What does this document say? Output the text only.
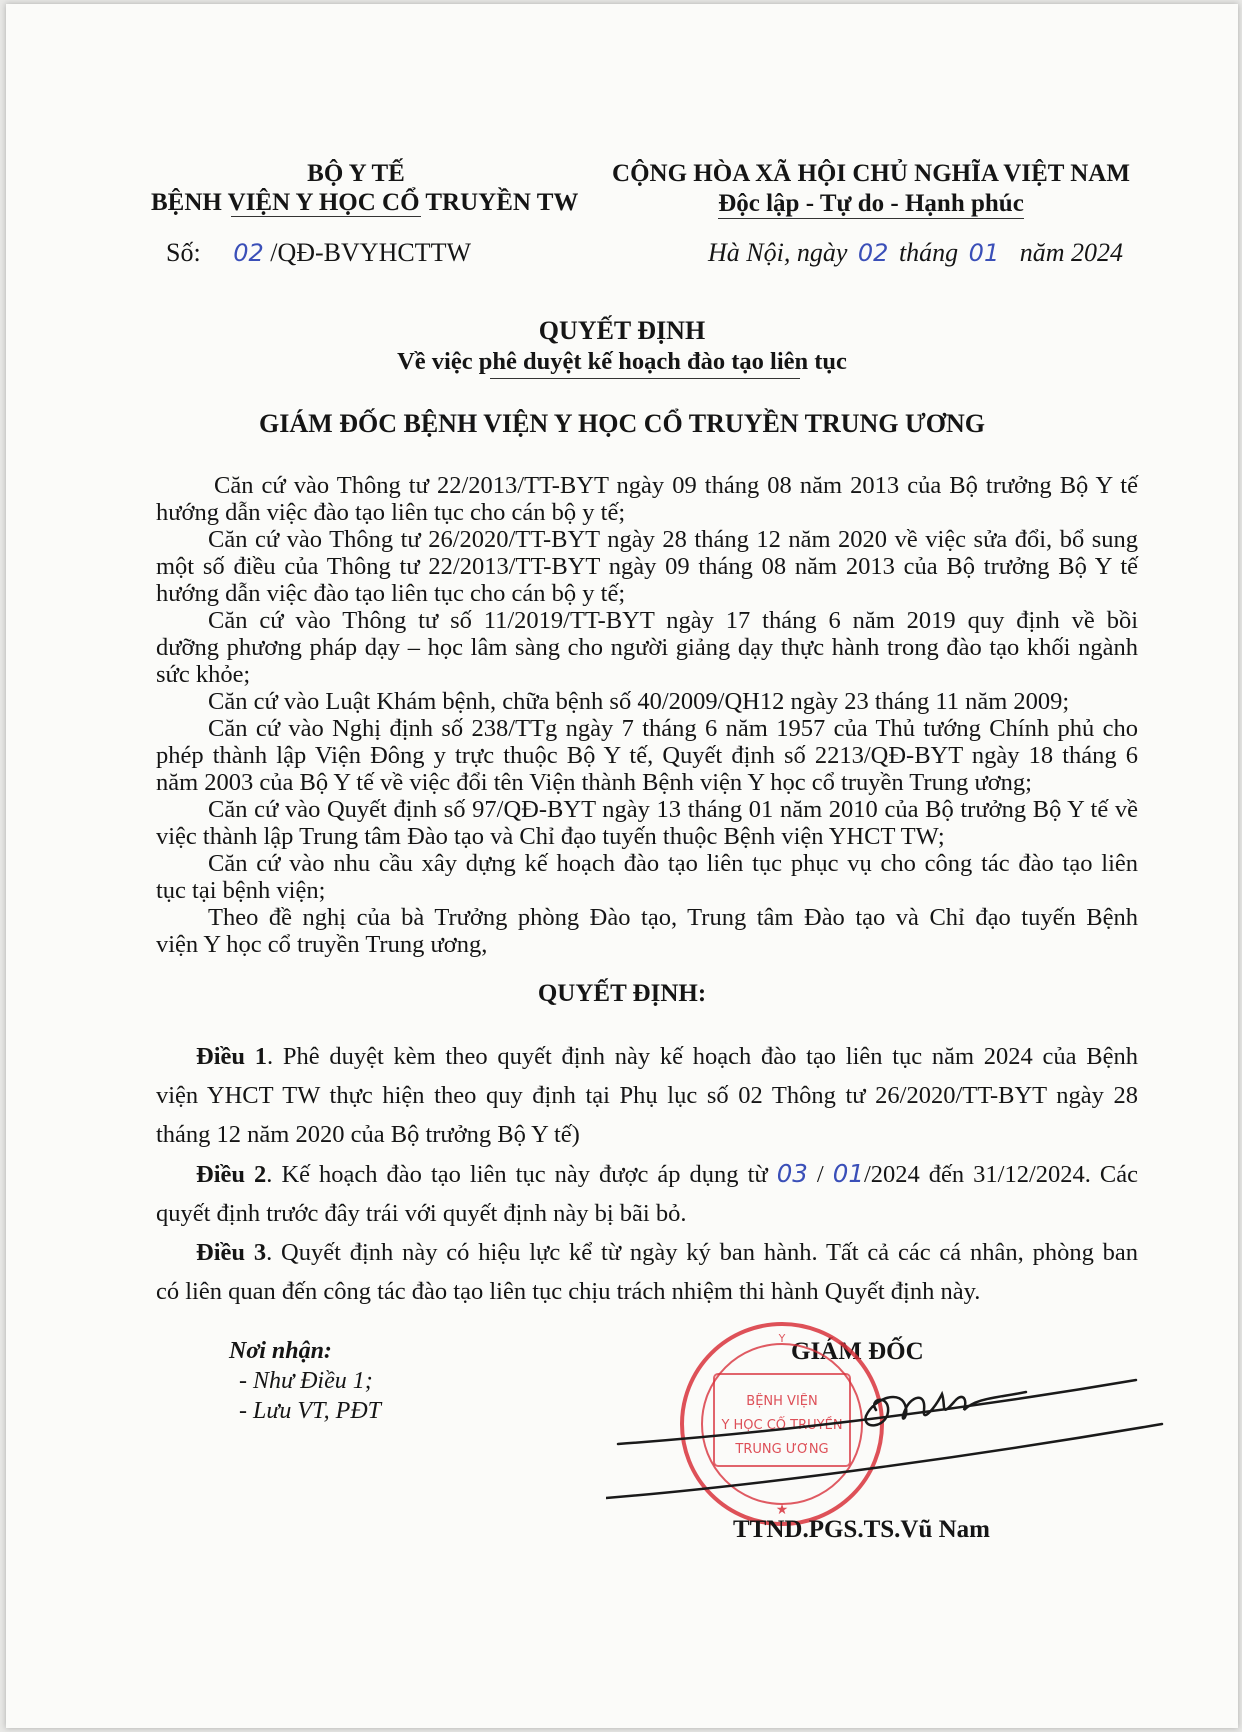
BỘ Y TẾ
BỆNH VIỆN Y HỌC CỔ TRUYỀN TW
Số: 02 /QĐ-BVYHCTTW
CỘNG HÒA XÃ HỘI CHỦ NGHĨA VIỆT NAM
Độc lập - Tự do - Hạnh phúc
Hà Nội, ngày 02 tháng 01 năm 2024
QUYẾT ĐỊNH
Về việc phê duyệt kế hoạch đào tạo liên tục
GIÁM ĐỐC BỆNH VIỆN Y HỌC CỔ TRUYỀN TRUNG ƯƠNG
Căn cứ vào Thông tư 22/2013/TT-BYT ngày 09 tháng 08 năm 2013 của Bộ trưởng Bộ Y tế
hướng dẫn việc đào tạo liên tục cho cán bộ y tế;
Căn cứ vào Thông tư 26/2020/TT-BYT ngày 28 tháng 12 năm 2020 về việc sửa đổi, bổ sung
một số điều của Thông tư 22/2013/TT-BYT ngày 09 tháng 08 năm 2013 của Bộ trưởng Bộ Y tế
hướng dẫn việc đào tạo liên tục cho cán bộ y tế;
Căn cứ vào Thông tư số 11/2019/TT-BYT ngày 17 tháng 6 năm 2019 quy định về bồi
dưỡng phương pháp dạy – học lâm sàng cho người giảng dạy thực hành trong đào tạo khối ngành
sức khỏe;
Căn cứ vào Luật Khám bệnh, chữa bệnh số 40/2009/QH12 ngày 23 tháng 11 năm 2009;
Căn cứ vào Nghị định số 238/TTg ngày 7 tháng 6 năm 1957 của Thủ tướng Chính phủ cho
phép thành lập Viện Đông y trực thuộc Bộ Y tế, Quyết định số 2213/QĐ-BYT ngày 18 tháng 6
năm 2003 của Bộ Y tế về việc đổi tên Viện thành Bệnh viện Y học cổ truyền Trung ương;
Căn cứ vào Quyết định số 97/QĐ-BYT ngày 13 tháng 01 năm 2010 của Bộ trưởng Bộ Y tế về
việc thành lập Trung tâm Đào tạo và Chỉ đạo tuyến thuộc Bệnh viện YHCT TW;
Căn cứ vào nhu cầu xây dựng kế hoạch đào tạo liên tục phục vụ cho công tác đào tạo liên
tục tại bệnh viện;
Theo đề nghị của bà Trưởng phòng Đào tạo, Trung tâm Đào tạo và Chỉ đạo tuyến Bệnh
viện Y học cổ truyền Trung ương,
QUYẾT ĐỊNH:
Điều 1. Phê duyệt kèm theo quyết định này kế hoạch đào tạo liên tục năm 2024 của Bệnh
viện YHCT TW thực hiện theo quy định tại Phụ lục số 02 Thông tư 26/2020/TT-BYT ngày 28
tháng 12 năm 2020 của Bộ trưởng Bộ Y tế)
Điều 2. Kế hoạch đào tạo liên tục này được áp dụng từ 03 / 01/2024 đến 31/12/2024. Các
quyết định trước đây trái với quyết định này bị bãi bỏ.
Điều 3. Quyết định này có hiệu lực kể từ ngày ký ban hành. Tất cả các cá nhân, phòng ban
có liên quan đến công tác đào tạo liên tục chịu trách nhiệm thi hành Quyết định này.
Nơi nhận:
- Như Điều 1;
- Lưu VT, PĐT
GIÁM ĐỐC
★
Y
BỆNH VIỆN
Y HỌC CỔ TRUYỀN
TRUNG ƯƠNG
TTND.PGS.TS.Vũ Nam
